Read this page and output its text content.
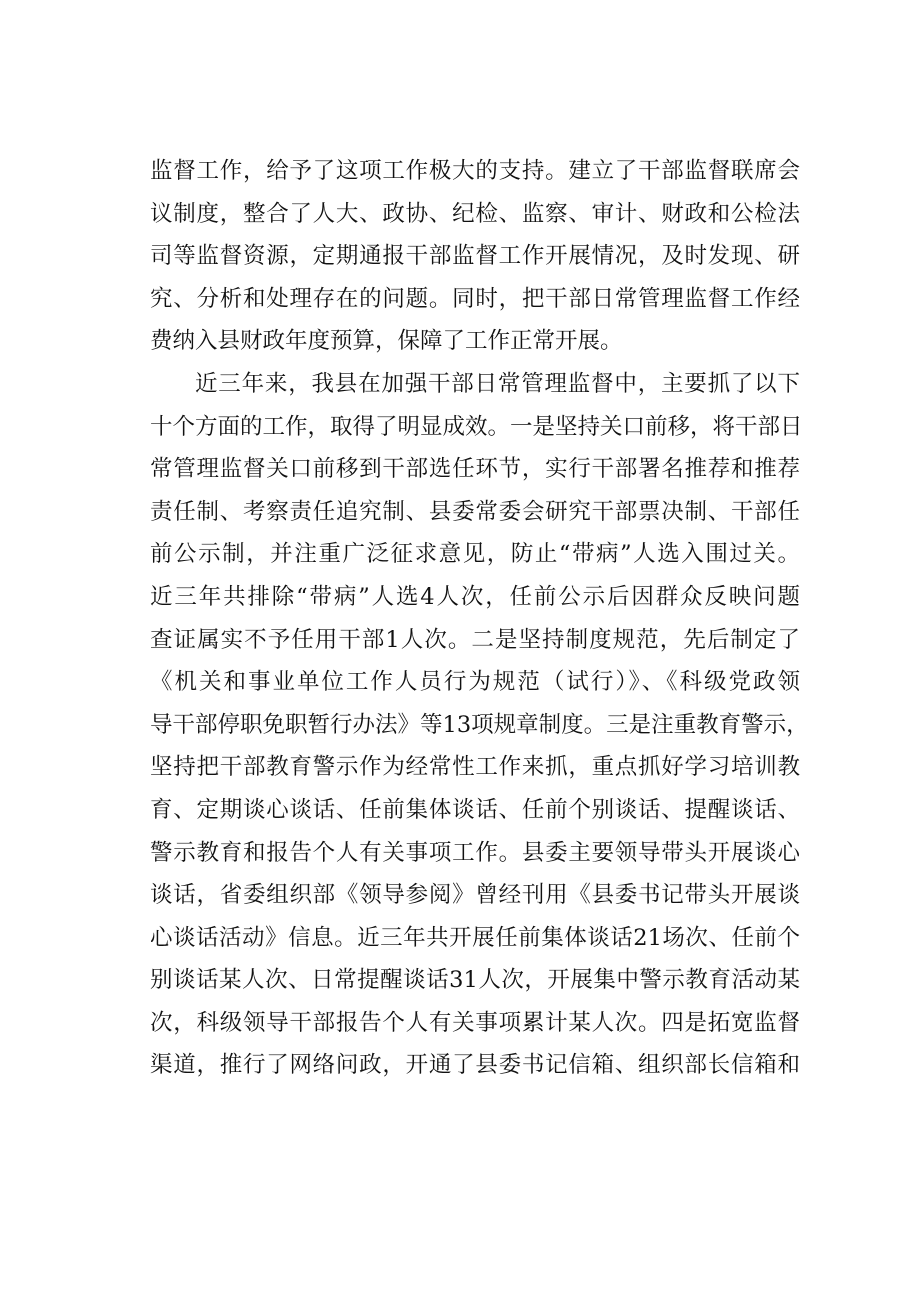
监督工作，给予了这项工作极大的支持。建立了干部监督联席会
议制度，整合了人大、政协、纪检、监察、审计、财政和公检法
司等监督资源，定期通报干部监督工作开展情况，及时发现、研
究、分析和处理存在的问题。同时，把干部日常管理监督工作经
费纳入县财政年度预算，保障了工作正常开展。
近三年来，我县在加强干部日常管理监督中，主要抓了以下
十个方面的工作，取得了明显成效。一是坚持关口前移，将干部日
常管理监督关口前移到干部选任环节，实行干部署名推荐和推荐
责任制、考察责任追究制、县委常委会研究干部票决制、干部任
前公示制，并注重广泛征求意见，防止“带病”人选入围过关。
近三年共排除“带病”人选4人次，任前公示后因群众反映问题
查证属实不予任用干部1人次。二是坚持制度规范，先后制定了
《机关和事业单位工作人员行为规范（试行）》、《科级党政领
导干部停职免职暂行办法》等13项规章制度。三是注重教育警示，
坚持把干部教育警示作为经常性工作来抓，重点抓好学习培训教
育、定期谈心谈话、任前集体谈话、任前个别谈话、提醒谈话、
警示教育和报告个人有关事项工作。县委主要领导带头开展谈心
谈话，省委组织部《领导参阅》曾经刊用《县委书记带头开展谈
心谈话活动》信息。近三年共开展任前集体谈话21场次、任前个
别谈话某人次、日常提醒谈话31人次，开展集中警示教育活动某
次，科级领导干部报告个人有关事项累计某人次。四是拓宽监督
渠道，推行了网络问政，开通了县委书记信箱、组织部长信箱和
